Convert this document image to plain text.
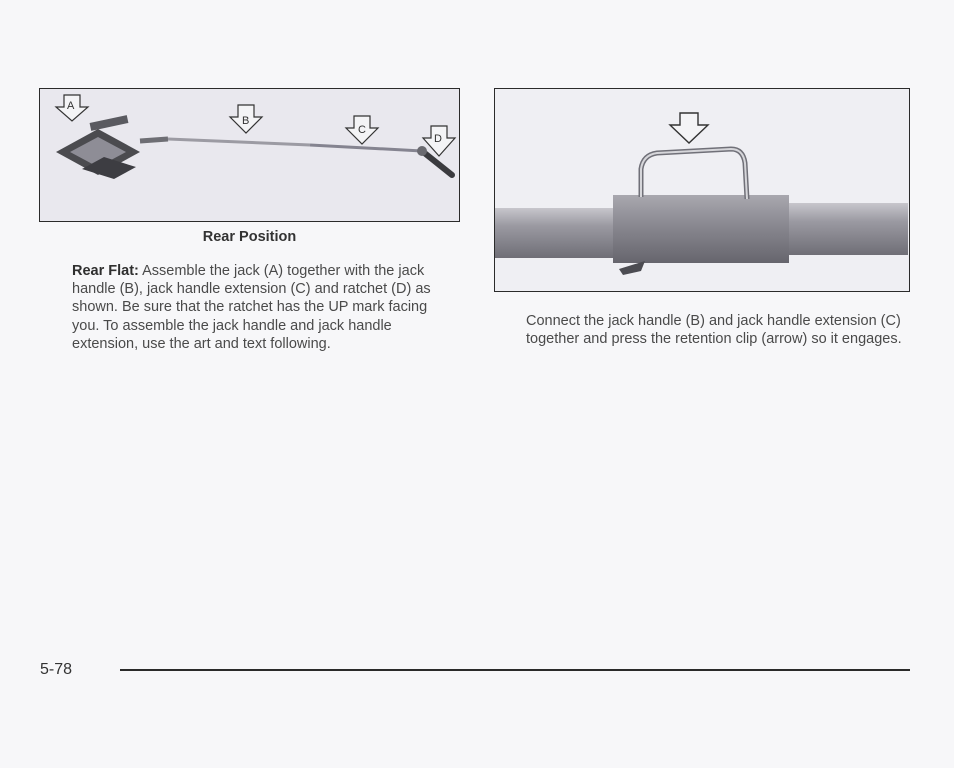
A
B
C
D
Rear Position
Rear Flat: Assemble the jack (A) together with the jack handle (B), jack handle extension (C) and ratchet (D) as shown. Be sure that the ratchet has the UP mark facing you. To assemble the jack handle and jack handle extension, use the art and text following.
Connect the jack handle (B) and jack handle extension (C) together and press the retention clip (arrow) so it engages.
5-78
